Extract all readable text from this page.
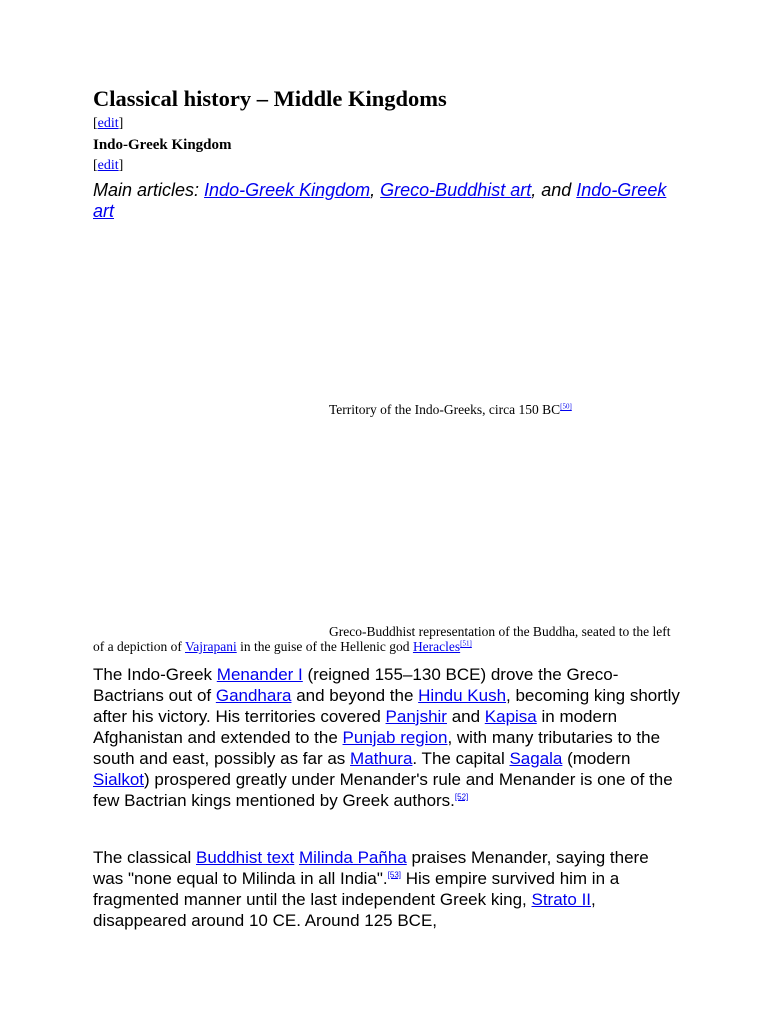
Classical history – Middle Kingdoms
[edit]
Indo-Greek Kingdom
[edit]
Main articles: Indo-Greek Kingdom, Greco-Buddhist art, and Indo-Greek art
Territory of the Indo-Greeks, circa 150 BC[50]
Greco-Buddhist representation of the Buddha, seated to the left of a depiction of Vajrapani in the guise of the Hellenic god Heracles[51]

The Indo-Greek Menander I (reigned 155–130 BCE) drove the Greco-Bactrians out of Gandhara and beyond the Hindu Kush, becoming king shortly after his victory. His territories covered Panjshir and Kapisa in modern Afghanistan and extended to the Punjab region, with many tributaries to the south and east, possibly as far as Mathura. The capital Sagala (modern Sialkot) prospered greatly under Menander's rule and Menander is one of the few Bactrian kings mentioned by Greek authors.[52]

The classical Buddhist text Milinda Pañha praises Menander, saying there was "none equal to Milinda in all India".[53] His empire survived him in a fragmented manner until the last independent Greek king, Strato II, disappeared around 10 CE. Around 125 BCE,
